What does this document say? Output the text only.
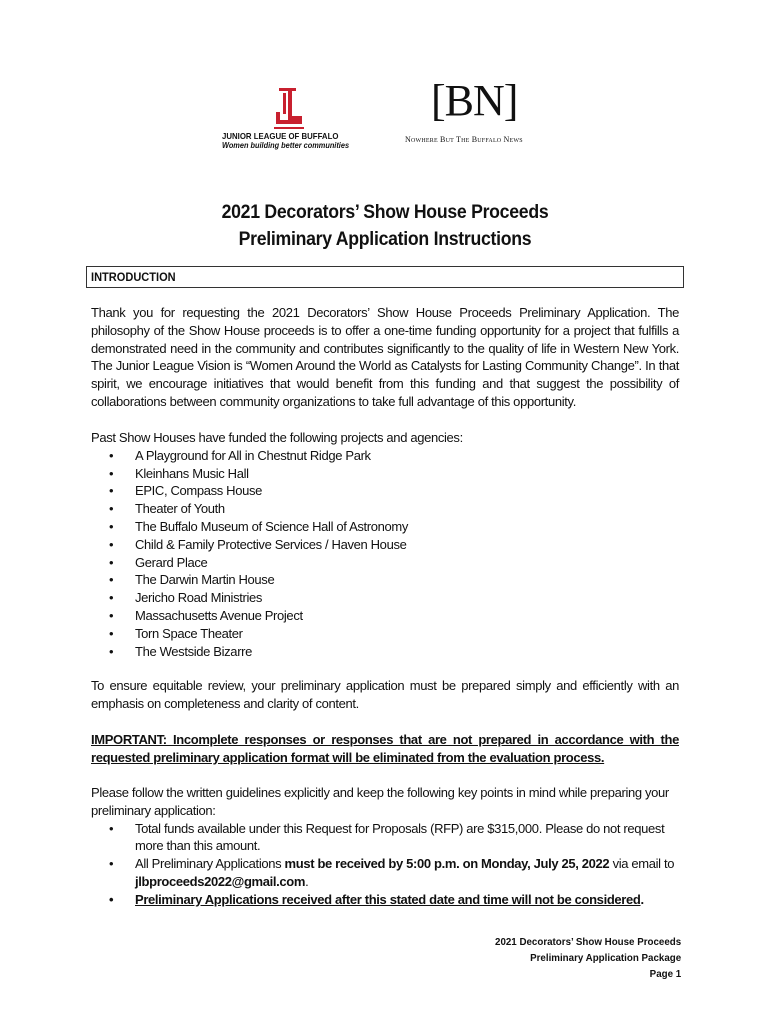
JUNIOR LEAGUE OF BUFFALO
Women building better communities
[BN]
Nowhere But The Buffalo News
2021 Decorators’ Show House Proceeds
Preliminary Application Instructions
INTRODUCTION
Thank you for requesting the 2021 Decorators’ Show House Proceeds Preliminary Application. The philosophy of the Show House proceeds is to offer a one-time funding opportunity for a project that fulfills a demonstrated need in the community and contributes significantly to the quality of life in Western New York. The Junior League Vision is “Women Around the World as Catalysts for Lasting Community Change”. In that spirit, we encourage initiatives that would benefit from this funding and that suggest the possibility of collaborations between community organizations to take full advantage of this opportunity.
Past Show Houses have funded the following projects and agencies:
• A Playground for All in Chestnut Ridge Park
• Kleinhans Music Hall
• EPIC, Compass House
• Theater of Youth
• The Buffalo Museum of Science Hall of Astronomy
• Child & Family Protective Services / Haven House
• Gerard Place
• The Darwin Martin House
• Jericho Road Ministries
• Massachusetts Avenue Project
• Torn Space Theater
• The Westside Bizarre
To ensure equitable review, your preliminary application must be prepared simply and efficiently with an emphasis on completeness and clarity of content.
IMPORTANT: Incomplete responses or responses that are not prepared in accordance with the requested preliminary application format will be eliminated from the evaluation process.
Please follow the written guidelines explicitly and keep the following key points in mind while preparing your preliminary application:
• Total funds available under this Request for Proposals (RFP) are $315,000. Please do not request more than this amount.
• All Preliminary Applications must be received by 5:00 p.m. on Monday, July 25, 2022 via email to jlbproceeds2022@gmail.com.
• Preliminary Applications received after this stated date and time will not be considered.
2021 Decorators’ Show House Proceeds
Preliminary Application Package
Page 1
